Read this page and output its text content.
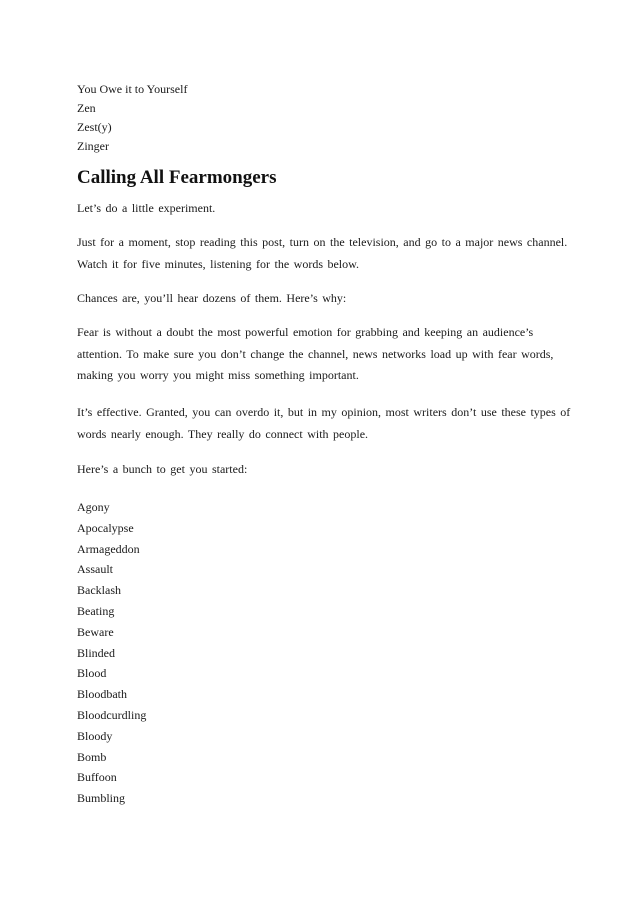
You Owe it to Yourself
Zen
Zest(y)
Zinger
Calling All Fearmongers
Let’s do a little experiment.
Just for a moment, stop reading this post, turn on the television, and go to a major news channel. Watch it for five minutes, listening for the words below.
Chances are, you’ll hear dozens of them. Here’s why:
Fear is without a doubt the most powerful emotion for grabbing and keeping an audience’s attention. To make sure you don’t change the channel, news networks load up with fear words, making you worry you might miss something important.
It’s effective. Granted, you can overdo it, but in my opinion, most writers don’t use these types of words nearly enough. They really do connect with people.
Here’s a bunch to get you started:
Agony
Apocalypse
Armageddon
Assault
Backlash
Beating
Beware
Blinded
Blood
Bloodbath
Bloodcurdling
Bloody
Bomb
Buffoon
Bumbling
